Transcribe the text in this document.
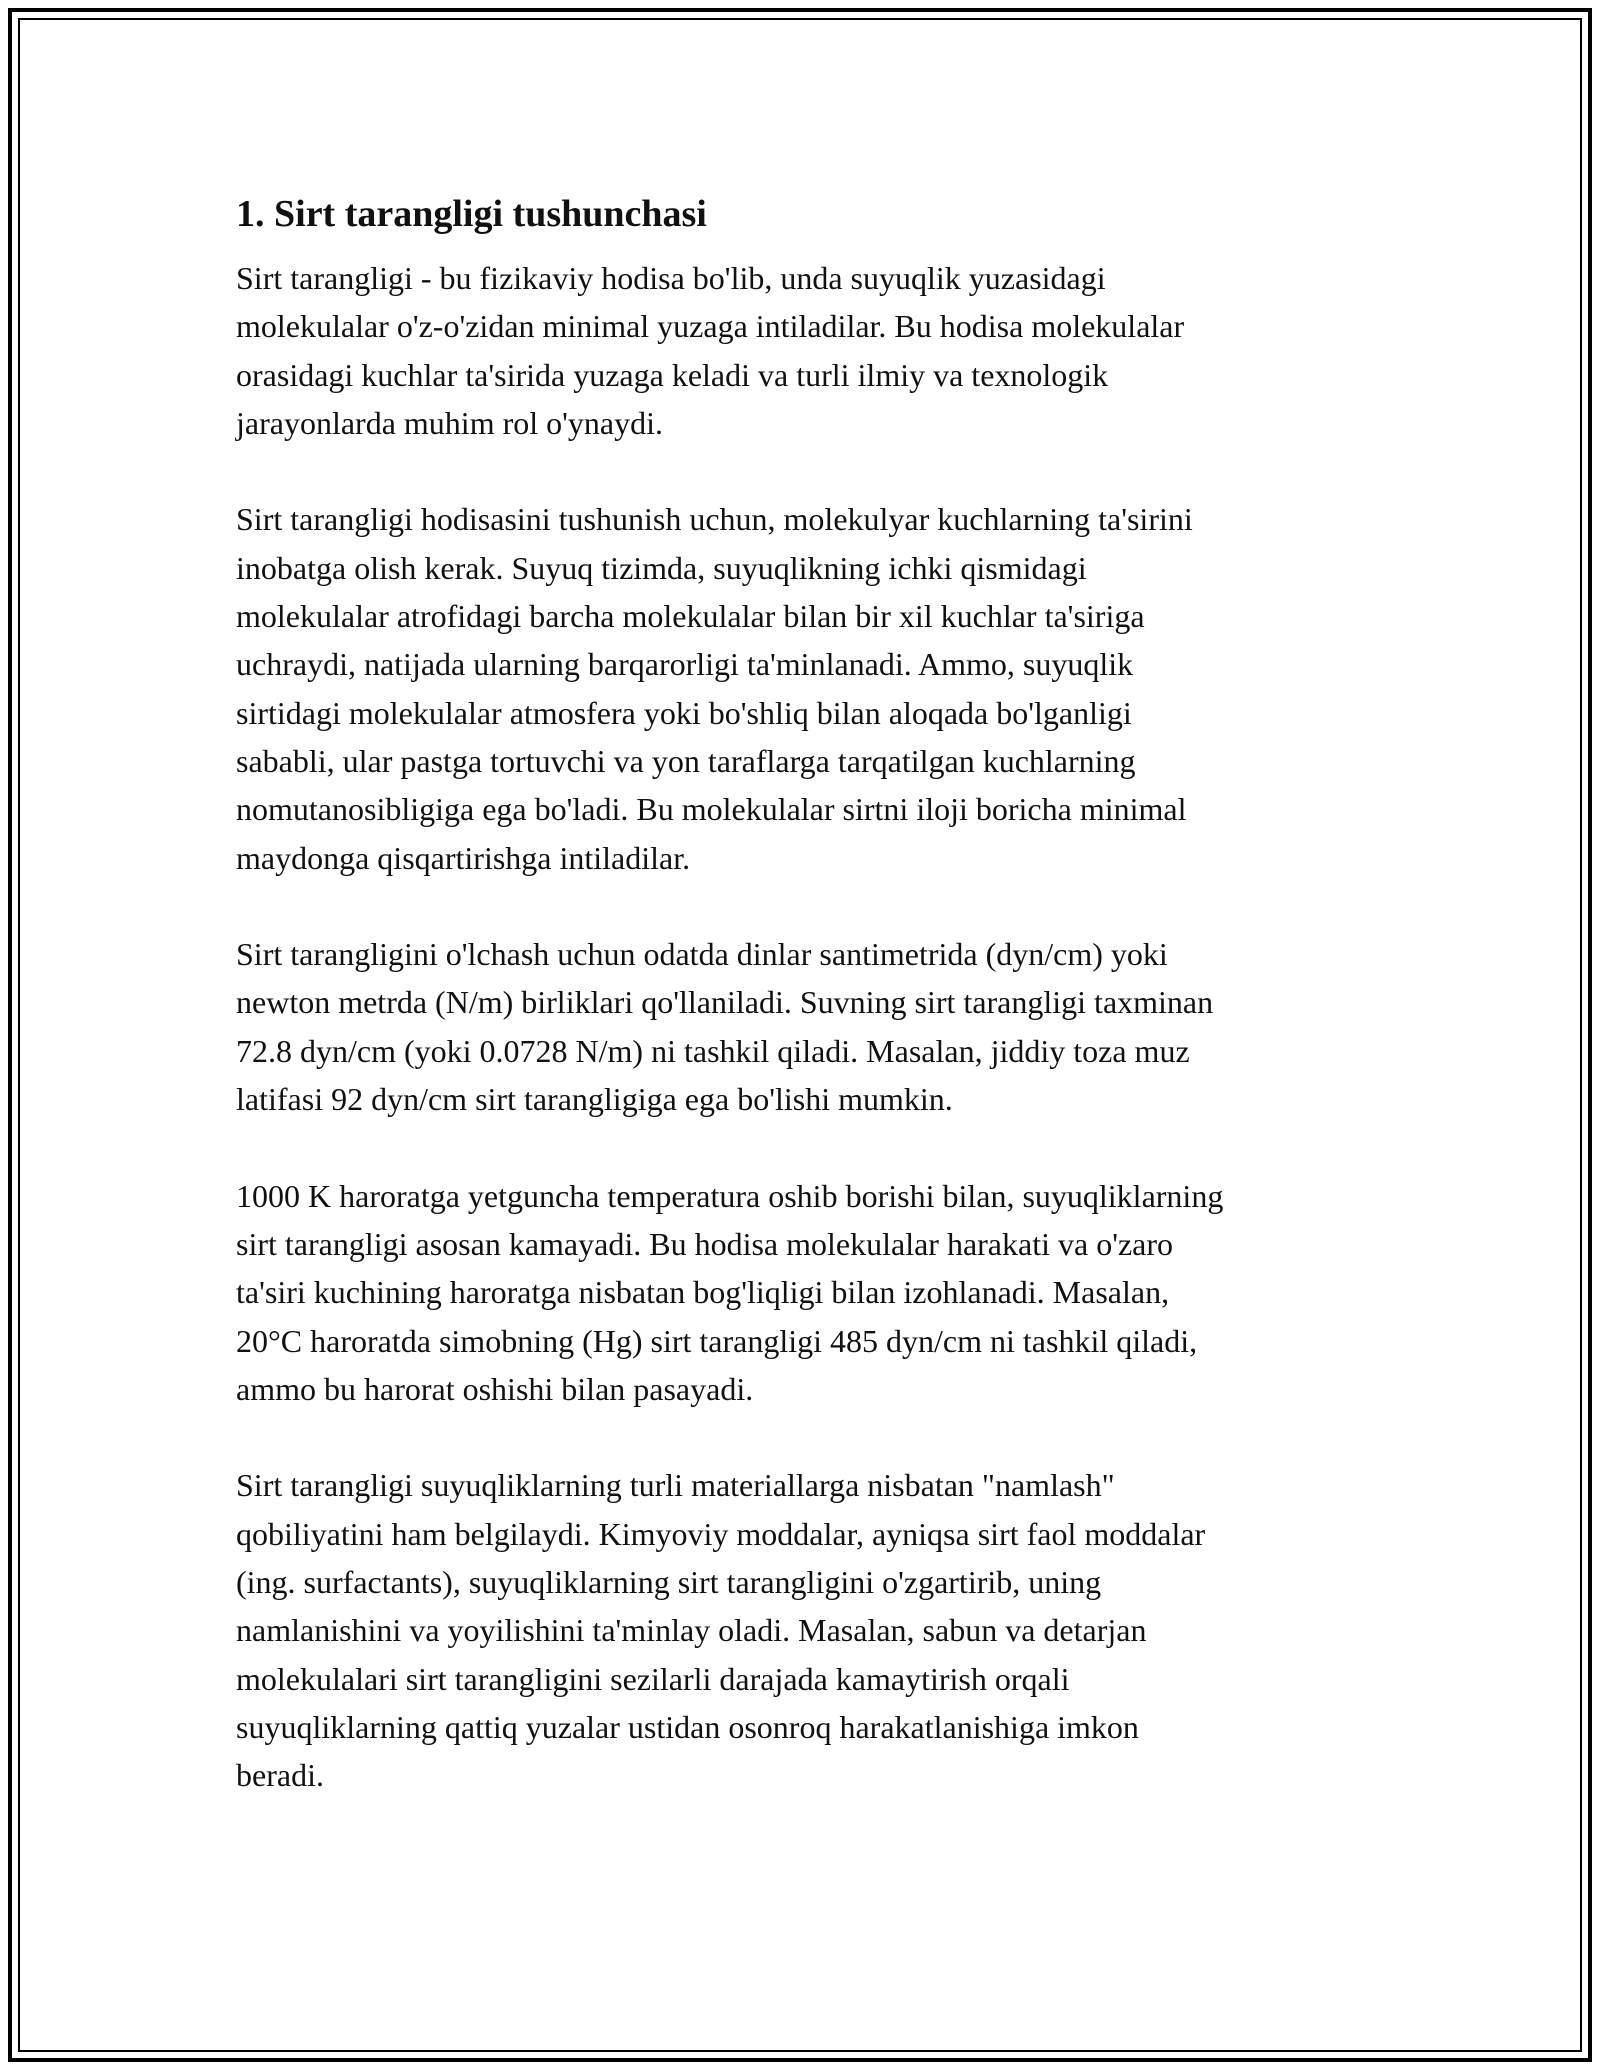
1. Sirt tarangligi tushunchasi
Sirt tarangligi - bu fizikaviy hodisa bo'lib, unda suyuqlik yuzasidagi
molekulalar o'z-o'zidan minimal yuzaga intiladilar. Bu hodisa molekulalar
orasidagi kuchlar ta'sirida yuzaga keladi va turli ilmiy va texnologik
jarayonlarda muhim rol o'ynaydi.
Sirt tarangligi hodisasini tushunish uchun, molekulyar kuchlarning ta'sirini
inobatga olish kerak. Suyuq tizimda, suyuqlikning ichki qismidagi
molekulalar atrofidagi barcha molekulalar bilan bir xil kuchlar ta'siriga
uchraydi, natijada ularning barqarorligi ta'minlanadi. Ammo, suyuqlik
sirtidagi molekulalar atmosfera yoki bo'shliq bilan aloqada bo'lganligi
sababli, ular pastga tortuvchi va yon taraflarga tarqatilgan kuchlarning
nomutanosibligiga ega bo'ladi. Bu molekulalar sirtni iloji boricha minimal
maydonga qisqartirishga intiladilar.
Sirt tarangligini o'lchash uchun odatda dinlar santimetrida (dyn/cm) yoki
newton metrda (N/m) birliklari qo'llaniladi. Suvning sirt tarangligi taxminan
72.8 dyn/cm (yoki 0.0728 N/m) ni tashkil qiladi. Masalan, jiddiy toza muz
latifasi 92 dyn/cm sirt tarangligiga ega bo'lishi mumkin.
1000 K haroratga yetguncha temperatura oshib borishi bilan, suyuqliklarning
sirt tarangligi asosan kamayadi. Bu hodisa molekulalar harakati va o'zaro
ta'siri kuchining haroratga nisbatan bog'liqligi bilan izohlanadi. Masalan,
20°C haroratda simobning (Hg) sirt tarangligi 485 dyn/cm ni tashkil qiladi,
ammo bu harorat oshishi bilan pasayadi.
Sirt tarangligi suyuqliklarning turli materiallarga nisbatan "namlash"
qobiliyatini ham belgilaydi. Kimyoviy moddalar, ayniqsa sirt faol moddalar
(ing. surfactants), suyuqliklarning sirt tarangligini o'zgartirib, uning
namlanishini va yoyilishini ta'minlay oladi. Masalan, sabun va detarjan
molekulalari sirt tarangligini sezilarli darajada kamaytirish orqali
suyuqliklarning qattiq yuzalar ustidan osonroq harakatlanishiga imkon
beradi.
